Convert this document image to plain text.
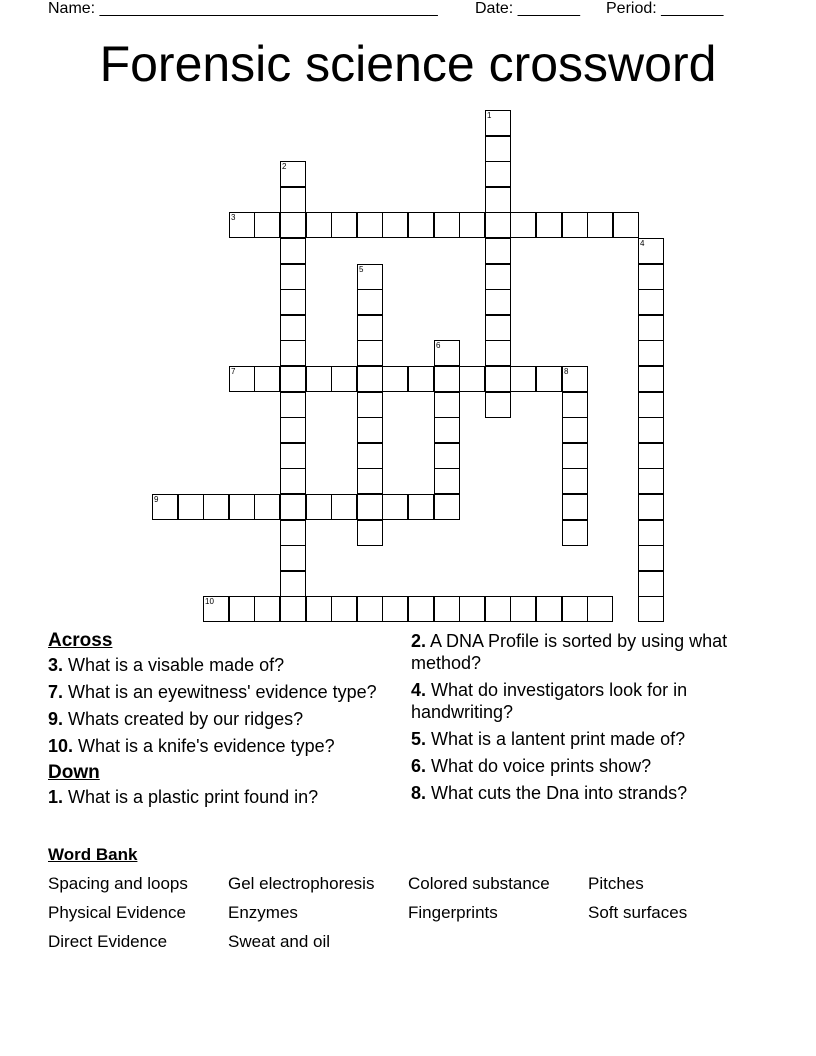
Name: ______________________________________ Date: _______ Period: _______
Forensic science crossword
1
2
3
4
5
6
7	8
9
10
Across
3. What is a visable made of?
7. What is an eyewitness' evidence type?
9. Whats created by our ridges?
10. What is a knife's evidence type?
Down
1. What is a plastic print found in?
2. A DNA Profile is sorted by using what method?
4. What do investigators look for in handwriting?
5. What is a lantent print made of?
6. What do voice prints show?
8. What cuts the Dna into strands?
Word Bank
Spacing and loops	Gel electrophoresis	Colored substance	Pitches
Physical Evidence	Enzymes	Fingerprints	Soft surfaces
Direct Evidence	Sweat and oil
